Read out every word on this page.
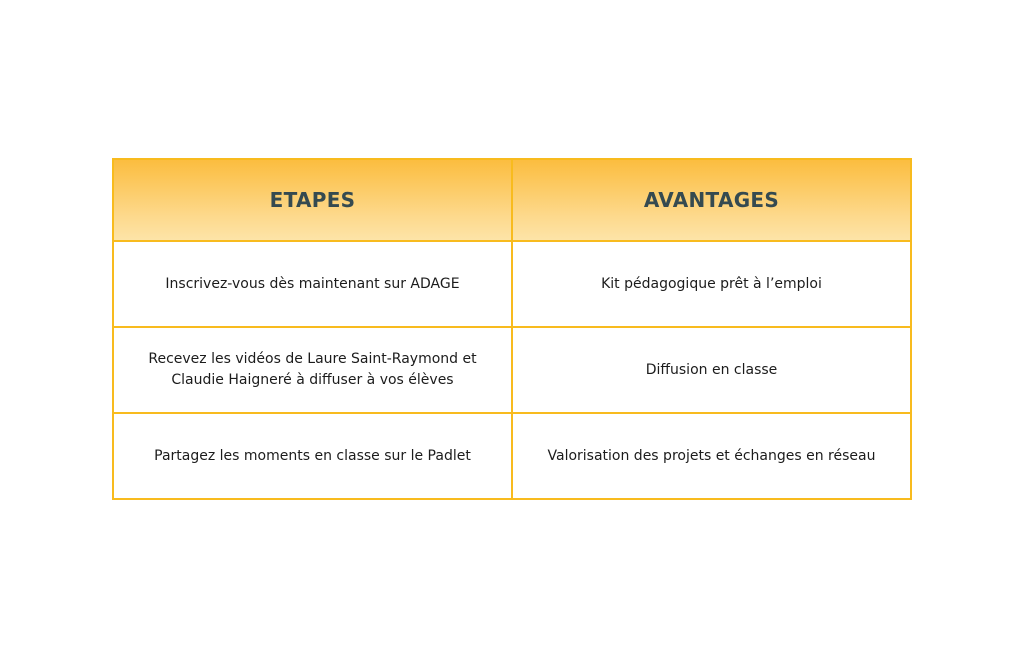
ETAPES	AVANTAGES
Inscrivez-vous dès maintenant sur ADAGE	Kit pédagogique prêt à l’emploi
Recevez les vidéos de Laure Saint-Raymond et Claudie Haigneré à diffuser à vos élèves	Diffusion en classe
Partagez les moments en classe sur le Padlet	Valorisation des projets et échanges en réseau
